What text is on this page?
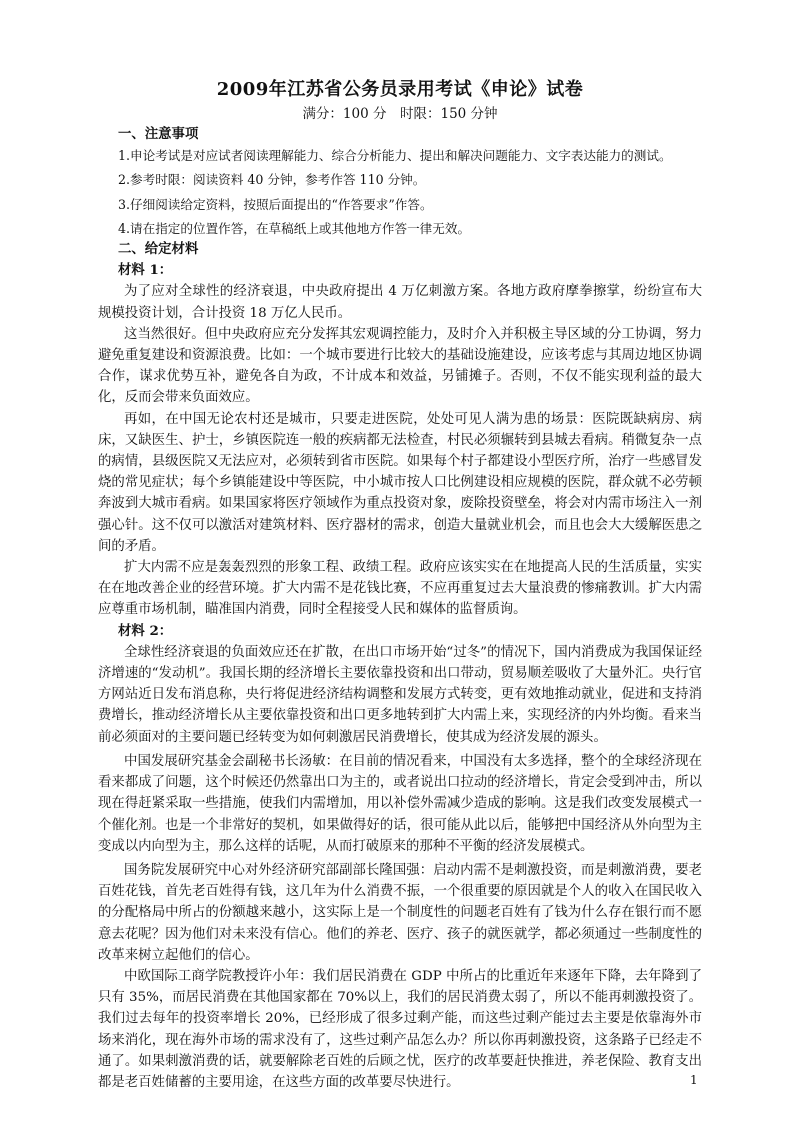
2009年江苏省公务员录用考试《申论》试卷
满分：100 分　时限：150 分钟

一、注意事项

1.申论考试是对应试者阅读理解能力、综合分析能力、提出和解决问题能力、文字表达能力的测试。

2.参考时限：阅读资料 40 分钟，参考作答 110 分钟。

3.仔细阅读给定资料，按照后面提出的“作答要求”作答。

4.请在指定的位置作答，在草稿纸上或其他地方作答一律无效。

二、给定材料

材料 1：

为了应对全球性的经济衰退，中央政府提出 4 万亿刺激方案。各地方政府摩拳擦掌，纷纷宣布大规模投资计划，合计投资 18 万亿人民币。

这当然很好。但中央政府应充分发挥其宏观调控能力，及时介入并积极主导区域的分工协调，努力避免重复建设和资源浪费。比如：一个城市要进行比较大的基础设施建设，应该考虑与其周边地区协调合作，谋求优势互补，避免各自为政，不计成本和效益，另铺摊子。否则，不仅不能实现利益的最大化，反而会带来负面效应。

再如，在中国无论农村还是城市，只要走进医院，处处可见人满为患的场景：医院既缺病房、病床，又缺医生、护士，乡镇医院连一般的疾病都无法检查，村民必须辗转到县城去看病。稍微复杂一点的病情，县级医院又无法应对，必须转到省市医院。如果每个村子都建设小型医疗所，治疗一些感冒发烧的常见症状；每个乡镇能建设中等医院，中小城市按人口比例建设相应规模的医院，群众就不必劳顿奔波到大城市看病。如果国家将医疗领域作为重点投资对象，废除投资壁垒，将会对内需市场注入一剂强心针。这不仅可以激活对建筑材料、医疗器材的需求，创造大量就业机会，而且也会大大缓解医患之间的矛盾。

扩大内需不应是轰轰烈烈的形象工程、政绩工程。政府应该实实在在地提高人民的生活质量，实实在在地改善企业的经营环境。扩大内需不是花钱比赛，不应再重复过去大量浪费的惨痛教训。扩大内需应尊重市场机制，瞄准国内消费，同时全程接受人民和媒体的监督质询。

材料 2：

全球性经济衰退的负面效应还在扩散，在出口市场开始“过冬”的情况下，国内消费成为我国保证经济增速的“发动机”。我国长期的经济增长主要依靠投资和出口带动，贸易顺差吸收了大量外汇。央行官方网站近日发布消息称，央行将促进经济结构调整和发展方式转变，更有效地推动就业，促进和支持消费增长，推动经济增长从主要依靠投资和出口更多地转到扩大内需上来，实现经济的内外均衡。看来当前必须面对的主要问题已经转变为如何刺激居民消费增长，使其成为经济发展的源头。

中国发展研究基金会副秘书长汤敏：在目前的情况看来，中国没有太多选择，整个的全球经济现在看来都成了问题，这个时候还仍然靠出口为主的，或者说出口拉动的经济增长，肯定会受到冲击，所以现在得赶紧采取一些措施，使我们内需增加，用以补偿外需减少造成的影响。这是我们改变发展模式一个催化剂。也是一个非常好的契机，如果做得好的话，很可能从此以后，能够把中国经济从外向型为主变成以内向型为主，那么这样的话呢，从而打破原来的那种不平衡的经济发展模式。

国务院发展研究中心对外经济研究部副部长隆国强：启动内需不是刺激投资，而是刺激消费，要老百姓花钱，首先老百姓得有钱，这几年为什么消费不振，一个很重要的原因就是个人的收入在国民收入的分配格局中所占的份额越来越小，这实际上是一个制度性的问题老百姓有了钱为什么存在银行而不愿意去花呢？因为他们对未来没有信心。他们的养老、医疗、孩子的就医就学，都必须通过一些制度性的改革来树立起他们的信心。

中欧国际工商学院教授许小年：我们居民消费在 GDP 中所占的比重近年来逐年下降，去年降到了只有 35%，而居民消费在其他国家都在 70%以上，我们的居民消费太弱了，所以不能再刺激投资了。我们过去每年的投资率增长 20%，已经形成了很多过剩产能，而这些过剩产能过去主要是依靠海外市场来消化，现在海外市场的需求没有了，这些过剩产品怎么办？所以你再刺激投资，这条路子已经走不通了。如果刺激消费的话，就要解除老百姓的后顾之忧，医疗的改革要赶快推进，养老保险、教育支出都是老百姓储蓄的主要用途，在这些方面的改革要尽快进行。	1
